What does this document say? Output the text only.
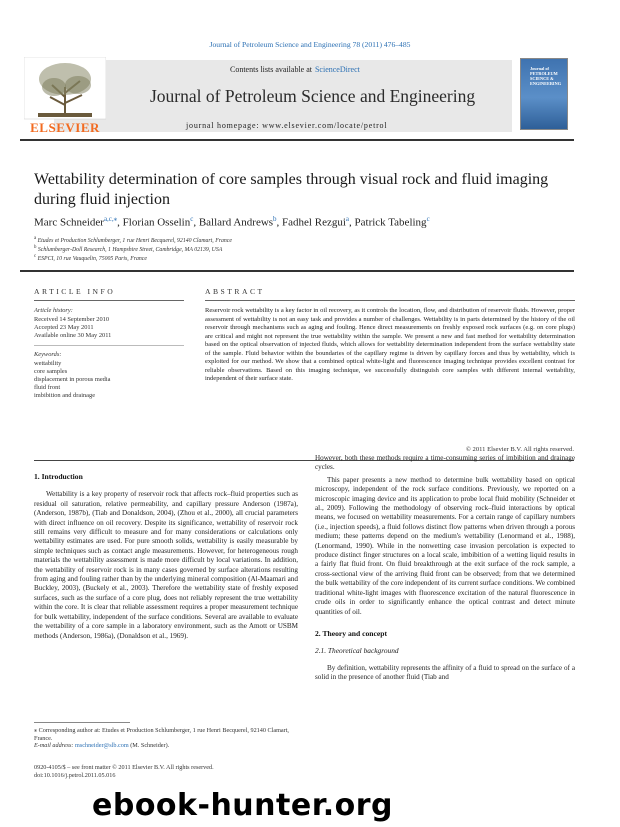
Journal of Petroleum Science and Engineering 78 (2011) 476–485
ELSEVIER
Contents lists available at ScienceDirect
Journal of Petroleum Science and Engineering
journal homepage: www.elsevier.com/locate/petrol
Journal of PETROLEUM SCIENCE & ENGINEERING
Wettability determination of core samples through visual rock and fluid imaging during fluid injection
Marc Schneider$^{a,c,⁎}$, Florian Osselin$^c$, Ballard Andrews$^b$, Fadhel Rezgui$^a$, Patrick Tabeling$^c$
$^a$ Etudes et Production Schlumberger, 1 rue Henri Becquerel, 92140 Clamart, France
$^b$ Schlumberger-Doll Research, 1 Hampshire Street, Cambridge, MA 02139, USA
$^c$ ESPCI, 10 rue Vauquelin, 75005 Paris, France
ARTICLE INFO
Article history:
Received 14 September 2010
Accepted 23 May 2011
Available online 30 May 2011
Keywords:
wettability
core samples
displacement in porous media
fluid front
imbibition and drainage
ABSTRACT
Reservoir rock wettability is a key factor in oil recovery, as it controls the location, flow, and distribution of reservoir fluids. However, proper assessment of wettability is not an easy task and provides a number of challenges. Wettability is in parts determined by the history of the oil reservoir through mechanisms such as aging and fouling. Hence direct measurements on freshly exposed rock surfaces (e.g. on core plugs) are critical and might not represent the true wettability within the sample. We present a new and fast method for wettability determination based on the optical observation of injected fluids, which allows for wettability determination independent from the surface wettability state of the sample. Fluid behavior within the boundaries of the capillary regime is driven by capillary forces and thus by wettability, which is exploited for our method. We show that a combined optical white-light and fluorescence imaging technique provides excellent contrast for reliable observations. Based on this imaging technique, we successfully distinguish core samples with different internal wettability, independent of their surface state.
© 2011 Elsevier B.V. All rights reserved.
1. Introduction

Wettability is a key property of reservoir rock that affects rock–fluid properties such as residual oil saturation, relative permeability, and capillary pressure Anderson (1987a), (Anderson, 1987b), (Tiab and Donaldson, 2004), (Zhou et al., 2000), all crucial parameters with direct influence on oil recovery. Despite its significance, wettability of reservoir rock still remains very difficult to measure and for many considerations or calculations only wettability estimates are used. For pure smooth solids, wettability is easily measurable by simple techniques such as contact angle measurements. However, for heterogeneous rough materials the wettability assessment is made more difficult by local variations. In addition, the wettability of reservoir rock is in many cases governed by surface alterations resulting from aging and fouling rather than by the underlying mineral composition (Al-Maamari and Buckley, 2003), (Buckely et al., 2003). Therefore the wettability state of freshly exposed surfaces, such as the surface of a core plug, does not reliably represent the true wettability within the core. It is clear that reliable assessment requires a proper measurement technique for bulk wettability, independent of the surface conditions. Several are available to evaluate the wettability of a core sample in a laboratory environment, such as the Amott or USBM methods (Anderson, 1986a), (Donaldson et al., 1969).

⁎ Corresponding author at: Etudes et Production Schlumberger, 1 rue Henri Becquerel, 92140 Clamart, France.
E-mail address: mschneider@slb.com (M. Schneider).
0920-4105/$ – see front matter © 2011 Elsevier B.V. All rights reserved.
doi:10.1016/j.petrol.2011.05.016

However, both these methods require a time-consuming series of imbibition and drainage cycles.

This paper presents a new method to determine bulk wettability based on optical microscopy, independent of the rock surface conditions. Previously, we reported on a microscopic imaging device and its application to probe local fluid mobility (Schneider et al., 2009). Following the methodology of observing rock–fluid interactions by optical means, we focused on wettability measurements. For a certain range of capillary numbers (i.e., injection speeds), a fluid follows distinct flow patterns when driven through a porous medium; these patterns depend on the medium's wettability (Lenormand et al., 1988), (Lenormand, 1990). While in the nonwetting case invasion percolation is expected to produce distinct finger structures on a local scale, imbibition of a wetting liquid results in a fairly flat fluid front. On fluid breakthrough at the exit surface of the rock sample, a cross-sectional view of the arriving fluid front can be observed; from that we determined the bulk wettability of the core independent of its current surface conditions. We combined traditional white-light images with fluorescence excitation of the natural fluorescence in crude oils in order to significantly enhance the optical contrast and detect minute quantities of oil.

2. Theory and concept
2.1. Theoretical background

By definition, wettability represents the affinity of a fluid to spread on the surface of a solid in the presence of another fluid (Tiab and

ebook-hunter.org
